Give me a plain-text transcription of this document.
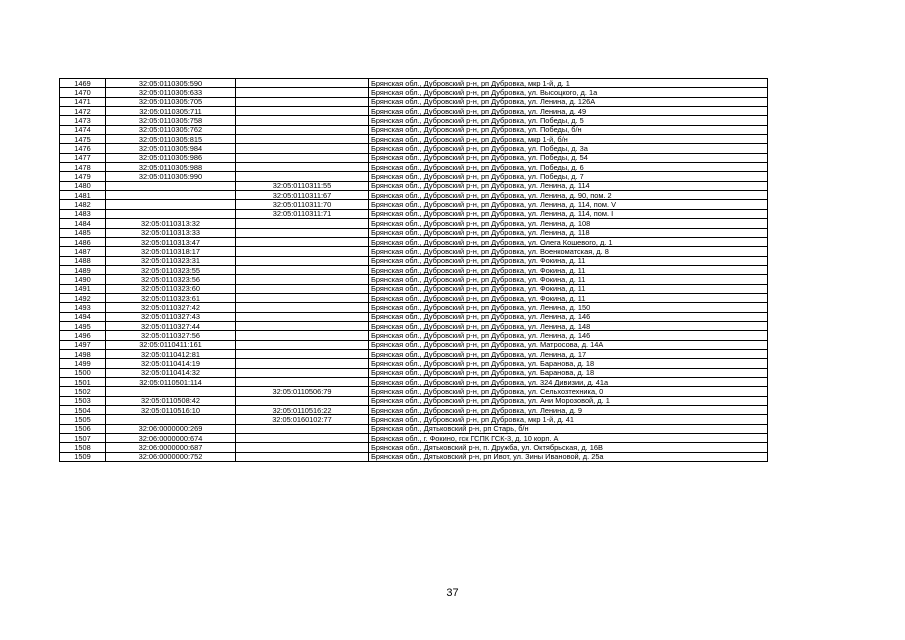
1469	32:05:0110305:590		Брянская обл., Дубровский р-н, рп Дубровка, мкр 1-й, д. 1
1470	32:05:0110305:633		Брянская обл., Дубровский р-н, рп Дубровка, ул. Высоцкого, д. 1а
1471	32:05:0110305:705		Брянская обл., Дубровский р-н, рп Дубровка, ул. Ленина, д. 126А
1472	32:05:0110305:711		Брянская обл., Дубровский р-н, рп Дубровка, ул. Ленина, д. 49
1473	32:05:0110305:758		Брянская обл., Дубровский р-н, рп Дубровка, ул. Победы, д. 5
1474	32:05:0110305:762		Брянская обл., Дубровский р-н, рп Дубровка, ул. Победы, б/н
1475	32:05:0110305:815		Брянская обл., Дубровский р-н, рп Дубровка, мкр 1-й, б/н
1476	32:05:0110305:984		Брянская обл., Дубровский р-н, рп Дубровка, ул. Победы, д. 3а
1477	32:05:0110305:986		Брянская обл., Дубровский р-н, рп Дубровка, ул. Победы, д. 54
1478	32:05:0110305:988		Брянская обл., Дубровский р-н, рп Дубровка, ул. Победы, д. 6
1479	32:05:0110305:990		Брянская обл., Дубровский р-н, рп Дубровка, ул. Победы, д. 7
1480		32:05:0110311:55	Брянская обл., Дубровский р-н, рп Дубровка, ул. Ленина, д. 114
1481		32:05:0110311:67	Брянская обл., Дубровский р-н, рп Дубровка, ул. Ленина, д. 90, пом. 2
1482		32:05:0110311:70	Брянская обл., Дубровский р-н, рп Дубровка, ул. Ленина, д. 114, пом. V
1483		32:05:0110311:71	Брянская обл., Дубровский р-н, рп Дубровка, ул. Ленина, д. 114, пом. I
1484	32:05:0110313:32		Брянская обл., Дубровский р-н, рп Дубровка, ул. Ленина, д. 108
1485	32:05:0110313:33		Брянская обл., Дубровский р-н, рп Дубровка, ул. Ленина, д. 118
1486	32:05:0110313:47		Брянская обл., Дубровский р-н, рп Дубровка, ул. Олега Кошевого, д. 1
1487	32:05:0110318:17		Брянская обл., Дубровский р-н, рп Дубровка, ул. Военкоматская, д. 8
1488	32:05:0110323:31		Брянская обл., Дубровский р-н, рп Дубровка, ул. Фокина, д. 11
1489	32:05:0110323:55		Брянская обл., Дубровский р-н, рп Дубровка, ул. Фокина, д. 11
1490	32:05:0110323:56		Брянская обл., Дубровский р-н, рп Дубровка, ул. Фокина, д. 11
1491	32:05:0110323:60		Брянская обл., Дубровский р-н, рп Дубровка, ул. Фокина, д. 11
1492	32:05:0110323:61		Брянская обл., Дубровский р-н, рп Дубровка, ул. Фокина, д. 11
1493	32:05:0110327:42		Брянская обл., Дубровский р-н, рп Дубровка, ул. Ленина, д. 150
1494	32:05:0110327:43		Брянская обл., Дубровский р-н, рп Дубровка, ул. Ленина, д. 146
1495	32:05:0110327:44		Брянская обл., Дубровский р-н, рп Дубровка, ул. Ленина, д. 148
1496	32:05:0110327:56		Брянская обл., Дубровский р-н, рп Дубровка, ул. Ленина, д. 146
1497	32:05:0110411:161		Брянская обл., Дубровский р-н, рп Дубровка, ул. Матросова, д. 14А
1498	32:05:0110412:81		Брянская обл., Дубровский р-н, рп Дубровка, ул. Ленина, д. 17
1499	32:05:0110414:19		Брянская обл., Дубровский р-н, рп Дубровка, ул. Баранова, д. 18
1500	32:05:0110414:32		Брянская обл., Дубровский р-н, рп Дубровка, ул. Баранова, д. 18
1501	32:05:0110501:114		Брянская обл., Дубровский р-н, рп Дубровка, ул. 324 Дивизии, д. 41а
1502		32:05:0110506:79	Брянская обл., Дубровский р-н, рп Дубровка, ул. Сельхозтехника, 0
1503	32:05:0110508:42		Брянская обл., Дубровский р-н, рп Дубровка, ул. Ани Морозовой, д. 1
1504	32:05:0110516:10	32:05:0110516:22	Брянская обл., Дубровский р-н, рп Дубровка, ул. Ленина, д. 9
1505		32:05:0160102:77	Брянская обл., Дубровский р-н, рп Дубровка, мкр 1-й, д. 41
1506	32:06:0000000:269		Брянская обл., Дятьковский р-н, рп Старь, б/н
1507	32:06:0000000:674		Брянская обл., г. Фокино, гск ГСПК ГСК-3, д. 10 корп. А
1508	32:06:0000000:687		Брянская обл., Дятьковский р-н, п. Дружба, ул. Октябрьская, д. 16В
1509	32:06:0000000:752		Брянская обл., Дятьковский р-н, рп Ивот, ул. Зины Ивановой, д. 25а
37
